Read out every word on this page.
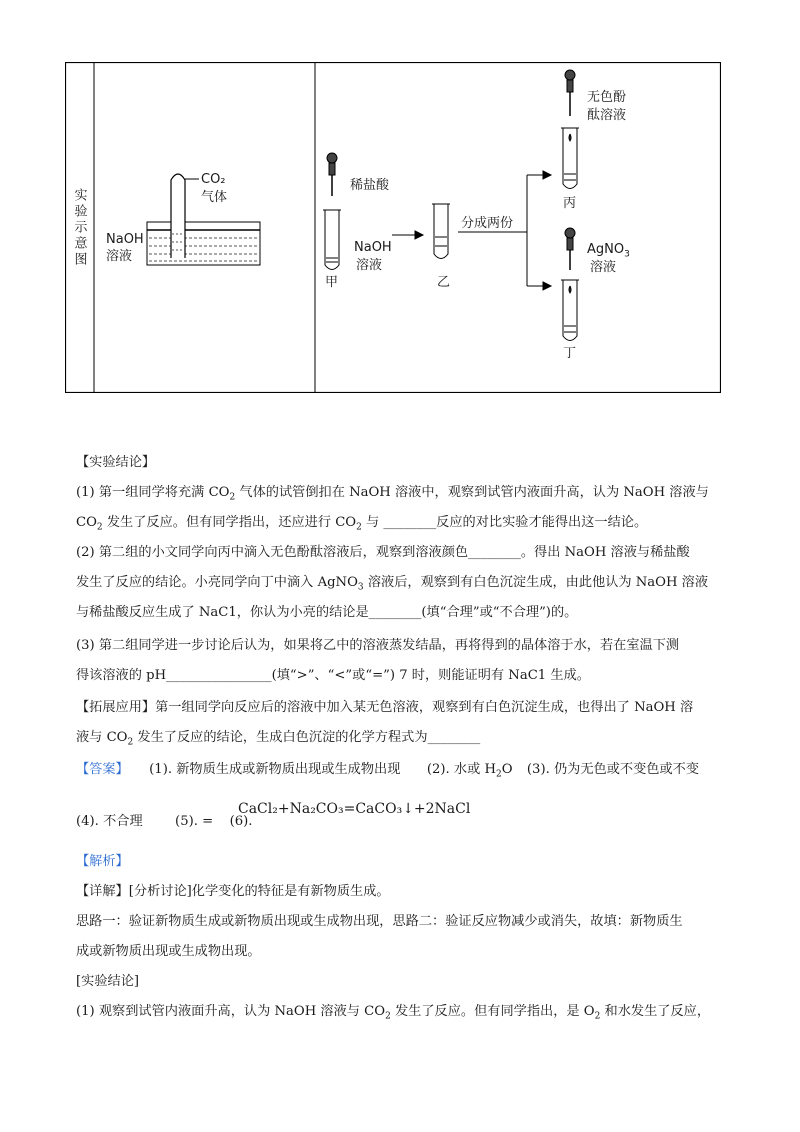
实验示意图
CO₂
气体
NaOH
溶液
稀盐酸
NaOH
溶液
甲	乙
分成两份
无色酚
酞溶液
丙
AgNO$_3$
溶液
丁
【实验结论】
(1) 第一组同学将充满 $CO_2$ 气体的试管倒扣在 NaOH 溶液中，观察到试管内液面升高，认为 NaOH 溶液与
$CO_2$ 发生了反应。但有同学指出，还应进行 $CO_2$ 与 ________反应的对比实验才能得出这一结论。
(2) 第二组的小文同学向丙中滴入无色酚酞溶液后，观察到溶液颜色________。得出 NaOH 溶液与稀盐酸
发生了反应的结论。小亮同学向丁中滴入 AgNO$_3$ 溶液后，观察到有白色沉淀生成，由此他认为 NaOH 溶液
与稀盐酸反应生成了 NaC1，你认为小亮的结论是________(填“合理”或“不合理”)的。
(3) 第二组同学进一步讨论后认为，如果将乙中的溶液蒸发结晶，再将得到的晶体溶于水，若在室温下测
得该溶液的 pH________________(填“>”、“<”或“=”) 7 时，则能证明有 NaC1 生成。
【拓展应用】第一组同学向反应后的溶液中加入某无色溶液，观察到有白色沉淀生成，也得出了 NaOH 溶
液与 $CO_2$ 发生了反应的结论，生成白色沉淀的化学方程式为________
【答案】 (1). 新物质生成或新物质出现或生成物出现 (2). 水或 $H_2O$ (3). 仍为无色或不变色或不变
(4). 不合理 (5). = (6).
CaCl₂+Na₂CO₃=CaCO₃↓+2NaCl
【解析】
【详解】[分析讨论]化学变化的特征是有新物质生成。
思路一：验证新物质生成或新物质出现或生成物出现，思路二：验证反应物减少或消失，故填：新物质生
成或新物质出现或生成物出现。
[实验结论]
(1) 观察到试管内液面升高，认为 NaOH 溶液与 $CO_2$ 发生了反应。但有同学指出，是 $O_2$ 和水发生了反应，
